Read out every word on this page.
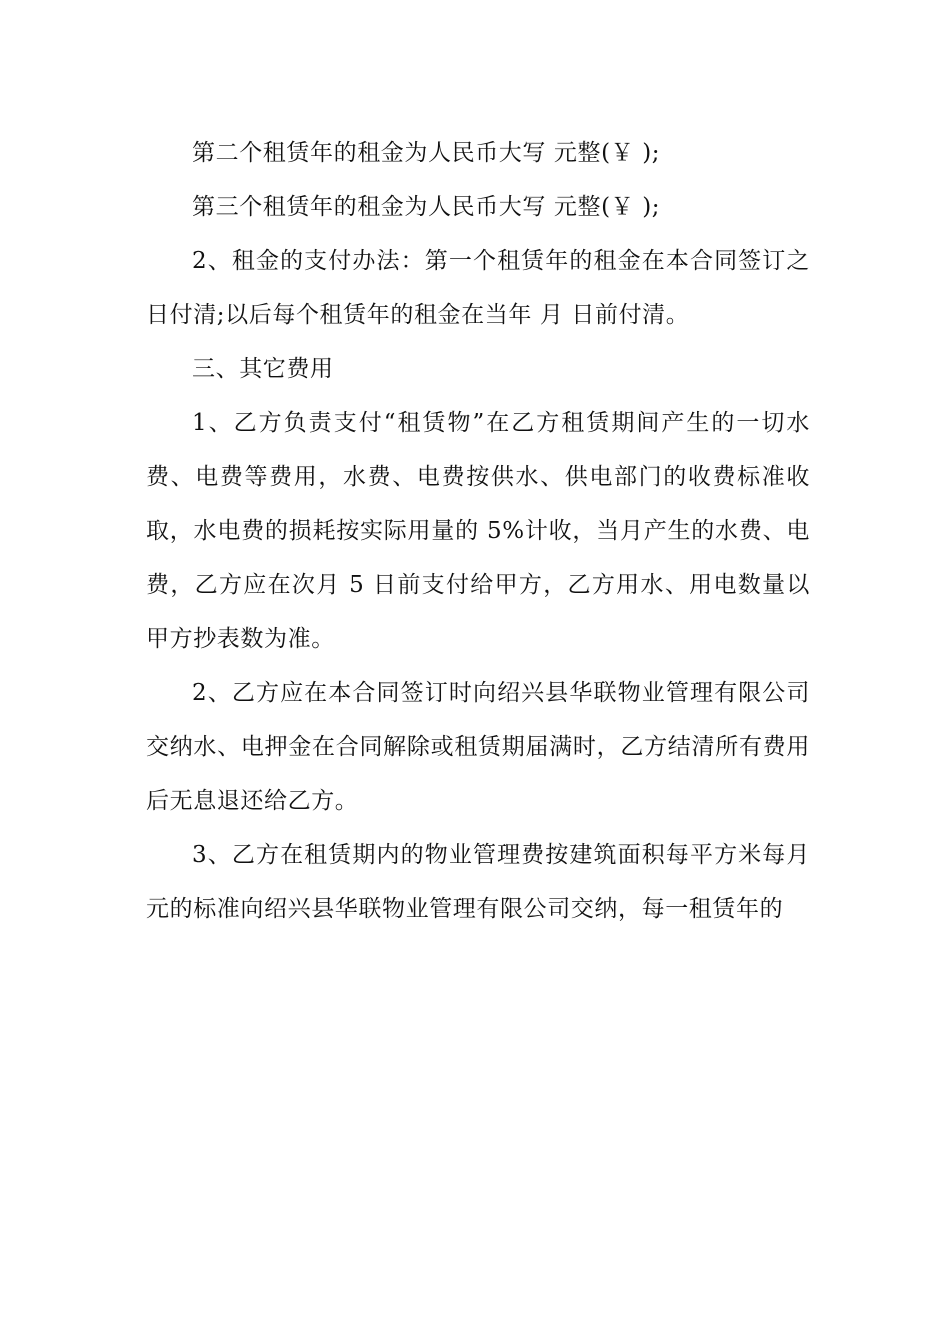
第二个租赁年的租金为人民币大写 元整(￥ );

第三个租赁年的租金为人民币大写 元整(￥ );

2、租金的支付办法：第一个租赁年的租金在本合同签订之日付清;以后每个租赁年的租金在当年 月 日前付清。

三、其它费用

1、乙方负责支付“租赁物”在乙方租赁期间产生的一切水费、电费等费用，水费、电费按供水、供电部门的收费标准收取，水电费的损耗按实际用量的 5%计收，当月产生的水费、电费，乙方应在次月 5 日前支付给甲方，乙方用水、用电数量以甲方抄表数为准。

2、乙方应在本合同签订时向绍兴县华联物业管理有限公司交纳水、电押金在合同解除或租赁期届满时，乙方结清所有费用后无息退还给乙方。

3、乙方在租赁期内的物业管理费按建筑面积每平方米每月元的标准向绍兴县华联物业管理有限公司交纳，每一租赁年的
